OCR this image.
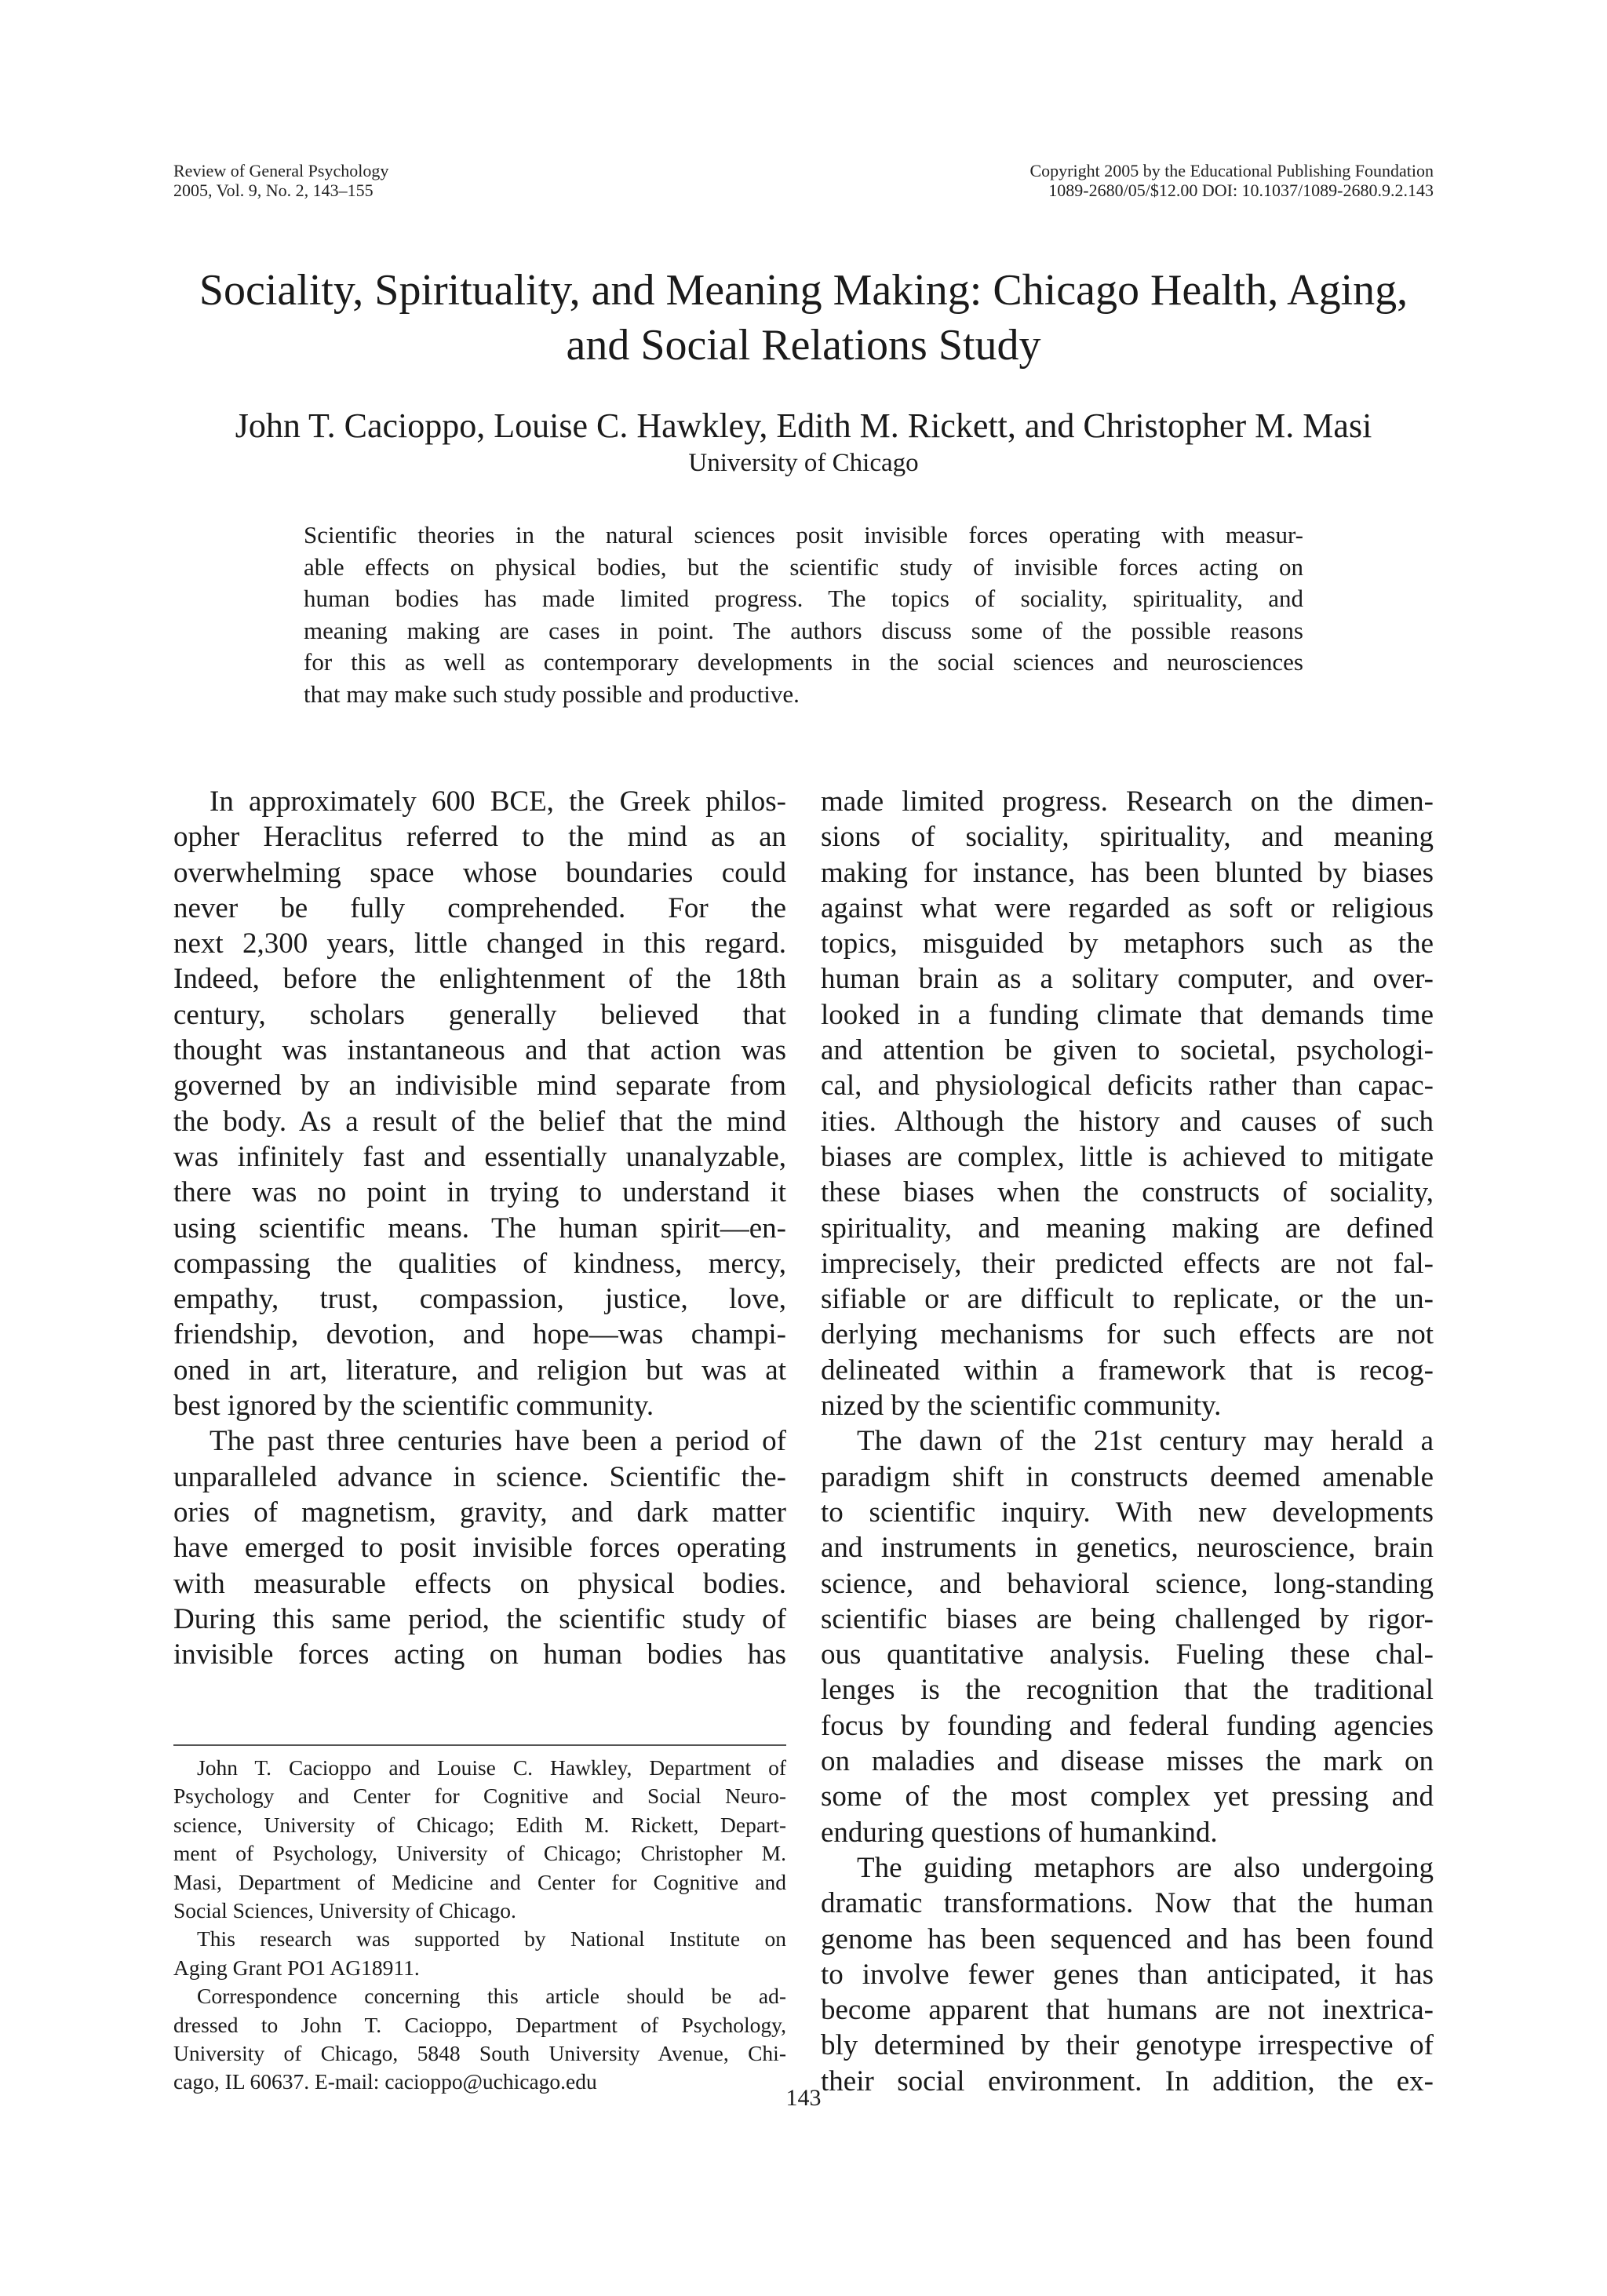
Review of General Psychology
2005, Vol. 9, No. 2, 143–155
Copyright 2005 by the Educational Publishing Foundation
1089-2680/05/$12.00 DOI: 10.1037/1089-2680.9.2.143
Sociality, Spirituality, and Meaning Making: Chicago Health, Aging,
and Social Relations Study
John T. Cacioppo, Louise C. Hawkley, Edith M. Rickett, and Christopher M. Masi
University of Chicago
Scientific theories in the natural sciences posit invisible forces operating with measur-
able effects on physical bodies, but the scientific study of invisible forces acting on
human bodies has made limited progress. The topics of sociality, spirituality, and
meaning making are cases in point. The authors discuss some of the possible reasons
for this as well as contemporary developments in the social sciences and neurosciences
that may make such study possible and productive.
In approximately 600 BCE, the Greek philos-
opher Heraclitus referred to the mind as an
overwhelming space whose boundaries could
never be fully comprehended. For the
next 2,300 years, little changed in this regard.
Indeed, before the enlightenment of the 18th
century, scholars generally believed that
thought was instantaneous and that action was
governed by an indivisible mind separate from
the body. As a result of the belief that the mind
was infinitely fast and essentially unanalyzable,
there was no point in trying to understand it
using scientific means. The human spirit—en-
compassing the qualities of kindness, mercy,
empathy, trust, compassion, justice, love,
friendship, devotion, and hope—was champi-
oned in art, literature, and religion but was at
best ignored by the scientific community.
The past three centuries have been a period of
unparalleled advance in science. Scientific the-
ories of magnetism, gravity, and dark matter
have emerged to posit invisible forces operating
with measurable effects on physical bodies.
During this same period, the scientific study of
invisible forces acting on human bodies has
John T. Cacioppo and Louise C. Hawkley, Department of
Psychology and Center for Cognitive and Social Neuro-
science, University of Chicago; Edith M. Rickett, Depart-
ment of Psychology, University of Chicago; Christopher M.
Masi, Department of Medicine and Center for Cognitive and
Social Sciences, University of Chicago.
This research was supported by National Institute on
Aging Grant PO1 AG18911.
Correspondence concerning this article should be ad-
dressed to John T. Cacioppo, Department of Psychology,
University of Chicago, 5848 South University Avenue, Chi-
cago, IL 60637. E-mail: cacioppo@uchicago.edu
made limited progress. Research on the dimen-
sions of sociality, spirituality, and meaning
making for instance, has been blunted by biases
against what were regarded as soft or religious
topics, misguided by metaphors such as the
human brain as a solitary computer, and over-
looked in a funding climate that demands time
and attention be given to societal, psychologi-
cal, and physiological deficits rather than capac-
ities. Although the history and causes of such
biases are complex, little is achieved to mitigate
these biases when the constructs of sociality,
spirituality, and meaning making are defined
imprecisely, their predicted effects are not fal-
sifiable or are difficult to replicate, or the un-
derlying mechanisms for such effects are not
delineated within a framework that is recog-
nized by the scientific community.
The dawn of the 21st century may herald a
paradigm shift in constructs deemed amenable
to scientific inquiry. With new developments
and instruments in genetics, neuroscience, brain
science, and behavioral science, long-standing
scientific biases are being challenged by rigor-
ous quantitative analysis. Fueling these chal-
lenges is the recognition that the traditional
focus by founding and federal funding agencies
on maladies and disease misses the mark on
some of the most complex yet pressing and
enduring questions of humankind.
The guiding metaphors are also undergoing
dramatic transformations. Now that the human
genome has been sequenced and has been found
to involve fewer genes than anticipated, it has
become apparent that humans are not inextrica-
bly determined by their genotype irrespective of
their social environment. In addition, the ex-
143
